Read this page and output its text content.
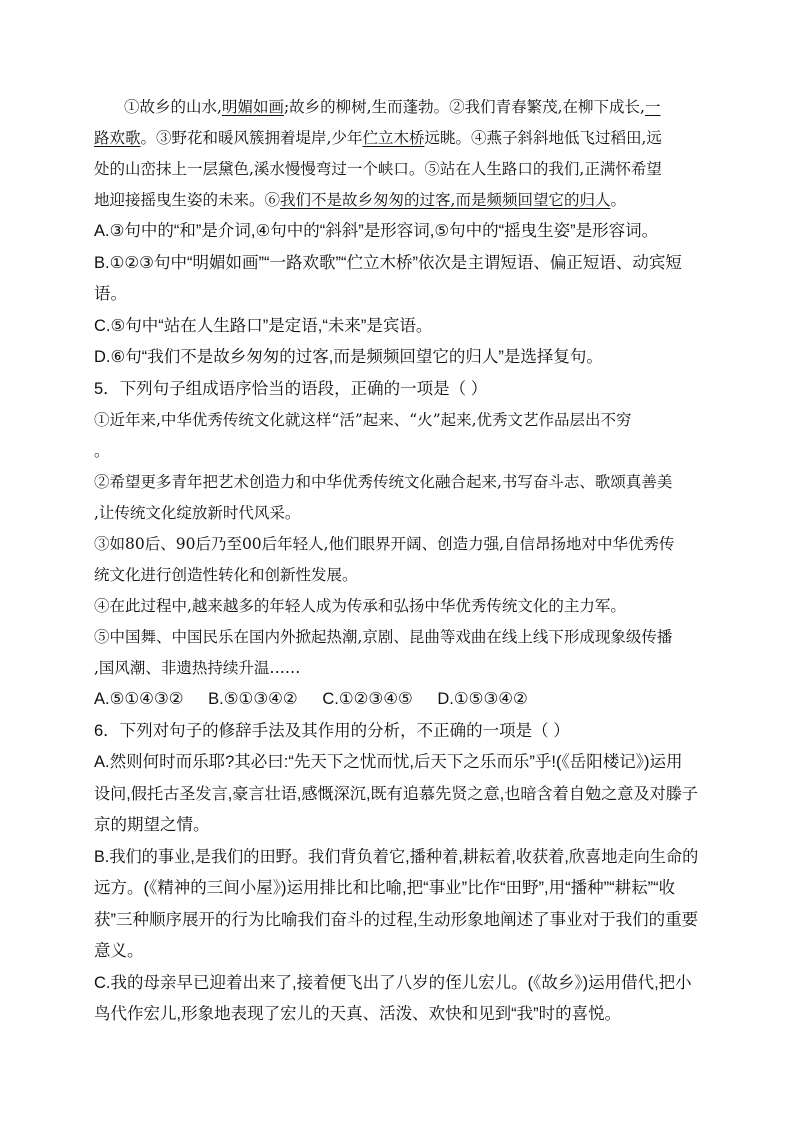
①故乡的山水,明媚如画;故乡的柳树,生而蓬勃。②我们青春繁茂,在柳下成长,一
路欢歌。③野花和暖风簇拥着堤岸,少年伫立木桥远眺。④燕子斜斜地低飞过稻田,远
处的山峦抹上一层黛色,溪水慢慢弯过一个峡口。⑤站在人生路口的我们,正满怀希望
地迎接摇曳生姿的未来。⑥我们不是故乡匆匆的过客,而是频频回望它的归人。
A.③句中的“和”是介词,④句中的“斜斜”是形容词,⑤句中的“摇曳生姿”是形容词。
B.①②③句中“明媚如画”“一路欢歌”“伫立木桥”依次是主谓短语、偏正短语、动宾短
语。
C.⑤句中“站在人生路口”是定语,“未来”是宾语。
D.⑥句“我们不是故乡匆匆的过客,而是频频回望它的归人”是选择复句。
5．下列句子组成语序恰当的语段，正确的一项是（ ）
①近年来,中华优秀传统文化就这样“活”起来、“火”起来,优秀文艺作品层出不穷
。
②希望更多青年把艺术创造力和中华优秀传统文化融合起来,书写奋斗志、歌颂真善美
,让传统文化绽放新时代风采。
③如80后、90后乃至00后年轻人,他们眼界开阔、创造力强,自信昂扬地对中华优秀传
统文化进行创造性转化和创新性发展。
④在此过程中,越来越多的年轻人成为传承和弘扬中华优秀传统文化的主力军。
⑤中国舞、中国民乐在国内外掀起热潮,京剧、昆曲等戏曲在线上线下形成现象级传播
,国风潮、非遗热持续升温……
A.⑤①④③② B.⑤①③④② C.①②③④⑤ D.①⑤③④②
6．下列对句子的修辞手法及其作用的分析，不正确的一项是（ ）
A.然则何时而乐耶?其必曰:“先天下之忧而忧,后天下之乐而乐”乎!(《岳阳楼记》)运用
设问,假托古圣发言,豪言壮语,感慨深沉,既有追慕先贤之意,也暗含着自勉之意及对滕子
京的期望之情。
B.我们的事业,是我们的田野。我们背负着它,播种着,耕耘着,收获着,欣喜地走向生命的
远方。(《精神的三间小屋》)运用排比和比喻,把“事业”比作“田野”,用“播种”“耕耘”“收
获”三种顺序展开的行为比喻我们奋斗的过程,生动形象地阐述了事业对于我们的重要
意义。
C.我的母亲早已迎着出来了,接着便飞出了八岁的侄儿宏儿。(《故乡》)运用借代,把小
鸟代作宏儿,形象地表现了宏儿的天真、活泼、欢快和见到“我”时的喜悦。
